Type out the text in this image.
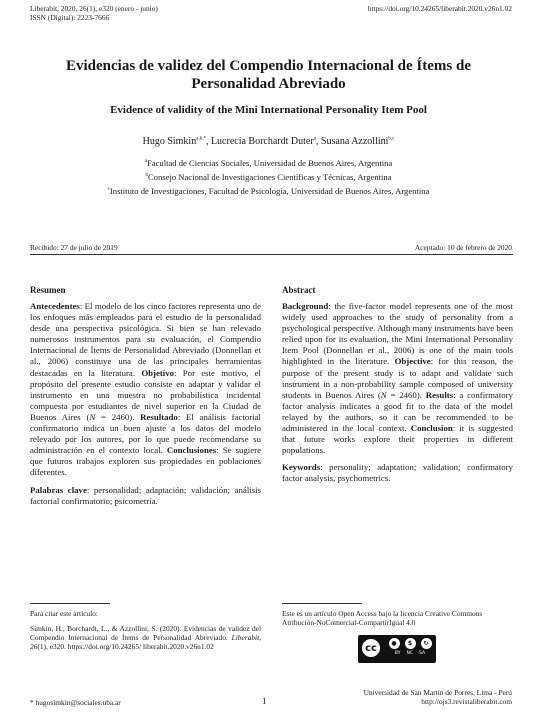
Liberabit, 2020, 26(1), e320 (enero - junio)
ISSN (Digital): 2223-7666
https://doi.org/10.24265/liberabit.2020.v26n1.02
Evidencias de validez del Compendio Internacional de Ítems de Personalidad Abreviado
Evidence of validity of the Mini International Personality Item Pool
Hugo Simkin$^{a,b,*}$, Lucrecia Borchardt Duter$^a$, Susana Azzollini$^{b,c}$
$^a$Facultad de Ciencias Sociales, Universidad de Buenos Aires, Argentina
$^b$Consejo Nacional de Investigaciones Científicas y Técnicas, Argentina
$^c$Instituto de Investigaciones, Facultad de Psicología, Universidad de Buenos Aires, Argentina
Recibido: 27 de julio de 2019	Aceptado: 10 de febrero de 2020
Resumen

Antecedentes: El modelo de los cinco factores representa uno de los enfoques más empleados para el estudio de la personalidad desde una perspectiva psicológica. Si bien se han relevado numerosos instrumentos para su evaluación, el Compendio Internacional de Ítems de Personalidad Abreviado (Donnellan et al., 2006) constituye una de las principales herramientas destacadas en la literatura. Objetivo: Por este motivo, el propósito del presente estudio consiste en adaptar y validar el instrumento en una muestra no probabilística incidental compuesta por estudiantes de nivel superior en la Ciudad de Buenos Aires (N = 2460). Resultado: El análisis factorial confirmatorio indica un buen ajuste a los datos del modelo relevado por los autores, por lo que puede recomendarse su administración en el contexto local. Conclusiones: Se sugiere que futuros trabajos exploren sus propiedades en poblaciones diferentes.

Palabras clave: personalidad; adaptación; validación; análisis factorial confirmatorio; psicometría.

Abstract

Background: the five-factor model represents one of the most widely used approaches to the study of personality from a psychological perspective. Although many instruments have been relied upon for its evaluation, the Mini International Personality Item Pool (Donnellan et al., 2006) is one of the main tools highlighted in the literature. Objective: for this reason, the purpose of the present study is to adapt and validate such instrument in a non-probability sample composed of university students in Buenos Aires (N = 2460). Results: a confirmatory factor analysis indicates a good fit to the data of the model relayed by the authors, so it can be recommended to be administered in the local context. Conclusion: it is suggested that future works explore their properties in different populations.

Keywords: personality; adaptation; validation; confirmatory factor analysis, psychometrics.

Para citar este artículo:
Simkin, H., Borchardt, L., & Azzollini, S. (2020). Evidencias de validez del Compendio Internacional de Ítems de Personalidad Abreviado. Liberabit, 26(1), e320. https://doi.org/10.24265/ liberabit.2020.v26n1.02
Este es un artículo Open Access bajo la licencia Creative Commons Atribución-NoComercial-CompartirIgual 4.0
cc	●	$	↻
BY NC SA
* hugosimkin@sociales.uba.ar	1
Universidad de San Martín de Porres, Lima - Perú
http://ojs3.revistaliberabit.com
